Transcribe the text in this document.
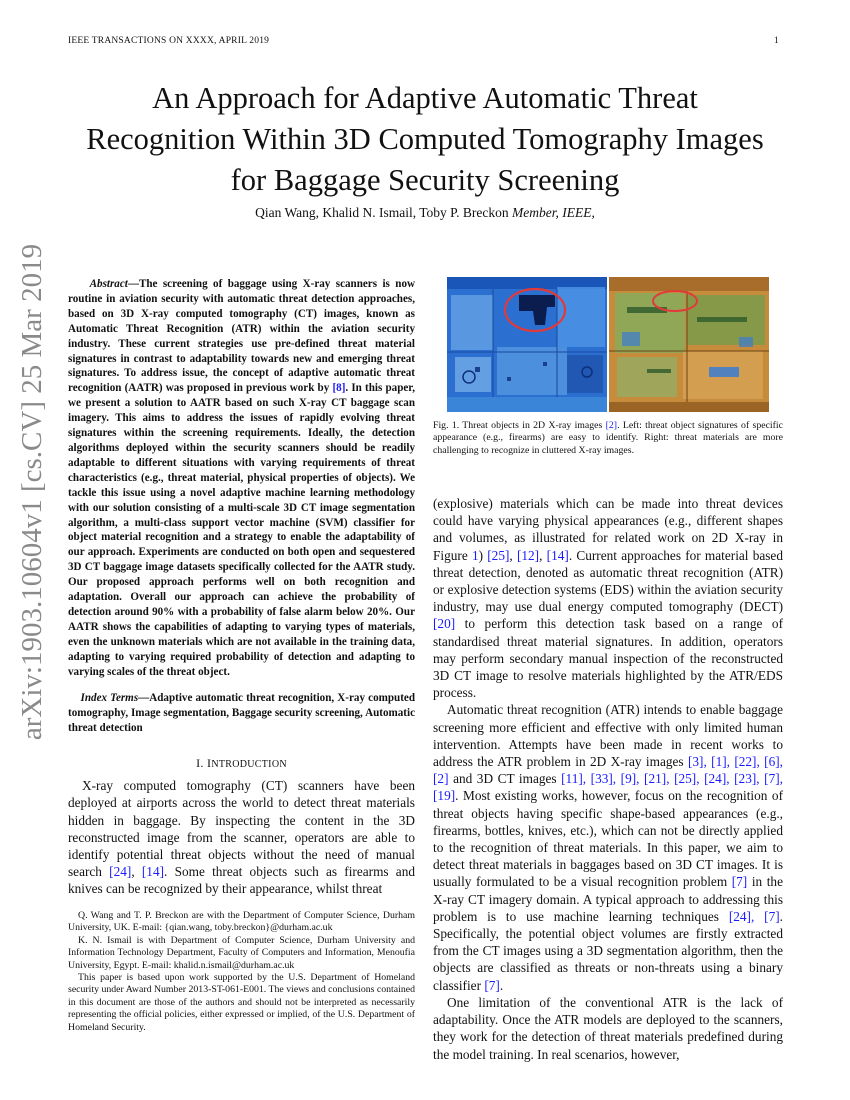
IEEE TRANSACTIONS ON XXXX, APRIL 2019	1
arXiv:1903.10604v1 [cs.CV] 25 Mar 2019
An Approach for Adaptive Automatic Threat Recognition Within 3D Computed Tomography Images for Baggage Security Screening
Qian Wang, Khalid N. Ismail, Toby P. Breckon Member, IEEE,

Abstract—The screening of baggage using X-ray scanners is now routine in aviation security with automatic threat detection approaches, based on 3D X-ray computed tomography (CT) images, known as Automatic Threat Recognition (ATR) within the aviation security industry. These current strategies use pre-defined threat material signatures in contrast to adaptability towards new and emerging threat signatures. To address issue, the concept of adaptive automatic threat recognition (AATR) was proposed in previous work by [8]. In this paper, we present a solution to AATR based on such X-ray CT baggage scan imagery. This aims to address the issues of rapidly evolving threat signatures within the screening requirements. Ideally, the detection algorithms deployed within the security scanners should be readily adaptable to different situations with varying requirements of threat characteristics (e.g., threat material, physical properties of objects). We tackle this issue using a novel adaptive machine learning methodology with our solution consisting of a multi-scale 3D CT image segmentation algorithm, a multi-class support vector machine (SVM) classifier for object material recognition and a strategy to enable the adaptability of our approach. Experiments are conducted on both open and sequestered 3D CT baggage image datasets specifically collected for the AATR study. Our proposed approach performs well on both recognition and adaptation. Overall our approach can achieve the probability of detection around 90% with a probability of false alarm below 20%. Our AATR shows the capabilities of adapting to varying types of materials, even the unknown materials which are not available in the training data, adapting to varying required probability of detection and adapting to varying scales of the threat object.

Index Terms—Adaptive automatic threat recognition, X-ray computed tomography, Image segmentation, Baggage security screening, Automatic threat detection

I. INTRODUCTION

X-ray computed tomography (CT) scanners have been deployed at airports across the world to detect threat materials hidden in baggage. By inspecting the content in the 3D reconstructed image from the scanner, operators are able to identify potential threat objects without the need of manual search [24], [14]. Some threat objects such as firearms and knives can be recognized by their appearance, whilst threat

Q. Wang and T. P. Breckon are with the Department of Computer Science, Durham University, UK. E-mail: {qian.wang, toby.breckon}@durham.ac.uk

K. N. Ismail is with Department of Computer Science, Durham University and Information Technology Department, Faculty of Computers and Information, Menoufia University, Egypt. E-mail: khalid.n.ismail@durham.ac.uk

This paper is based upon work supported by the U.S. Department of Homeland security under Award Number 2013-ST-061-E001. The views and conclusions contained in this document are those of the authors and should not be interpreted as necessarily representing the official policies, either expressed or implied, of the U.S. Department of Homeland Security.

Fig. 1. Threat objects in 2D X-ray images [2]. Left: threat object signatures of specific appearance (e.g., firearms) are easy to identify. Right: threat materials are more challenging to recognize in cluttered X-ray images.

(explosive) materials which can be made into threat devices could have varying physical appearances (e.g., different shapes and volumes, as illustrated for related work on 2D X-ray in Figure 1) [25], [12], [14]. Current approaches for material based threat detection, denoted as automatic threat recognition (ATR) or explosive detection systems (EDS) within the aviation security industry, may use dual energy computed tomography (DECT) [20] to perform this detection task based on a range of standardised threat material signatures. In addition, operators may perform secondary manual inspection of the reconstructed 3D CT image to resolve materials highlighted by the ATR/EDS process.

Automatic threat recognition (ATR) intends to enable baggage screening more efficient and effective with only limited human intervention. Attempts have been made in recent works to address the ATR problem in 2D X-ray images [3], [1], [22], [6], [2] and 3D CT images [11], [33], [9], [21], [25], [24], [23], [7], [19]. Most existing works, however, focus on the recognition of threat objects having specific shape-based appearances (e.g., firearms, bottles, knives, etc.), which can not be directly applied to the recognition of threat materials. In this paper, we aim to detect threat materials in baggages based on 3D CT images. It is usually formulated to be a visual recognition problem [7] in the X-ray CT imagery domain. A typical approach to addressing this problem is to use machine learning techniques [24], [7]. Specifically, the potential object volumes are firstly extracted from the CT images using a 3D segmentation algorithm, then the objects are classified as threats or non-threats using a binary classifier [7].

One limitation of the conventional ATR is the lack of adaptability. Once the ATR models are deployed to the scanners, they work for the detection of threat materials predefined during the model training. In real scenarios, however,
